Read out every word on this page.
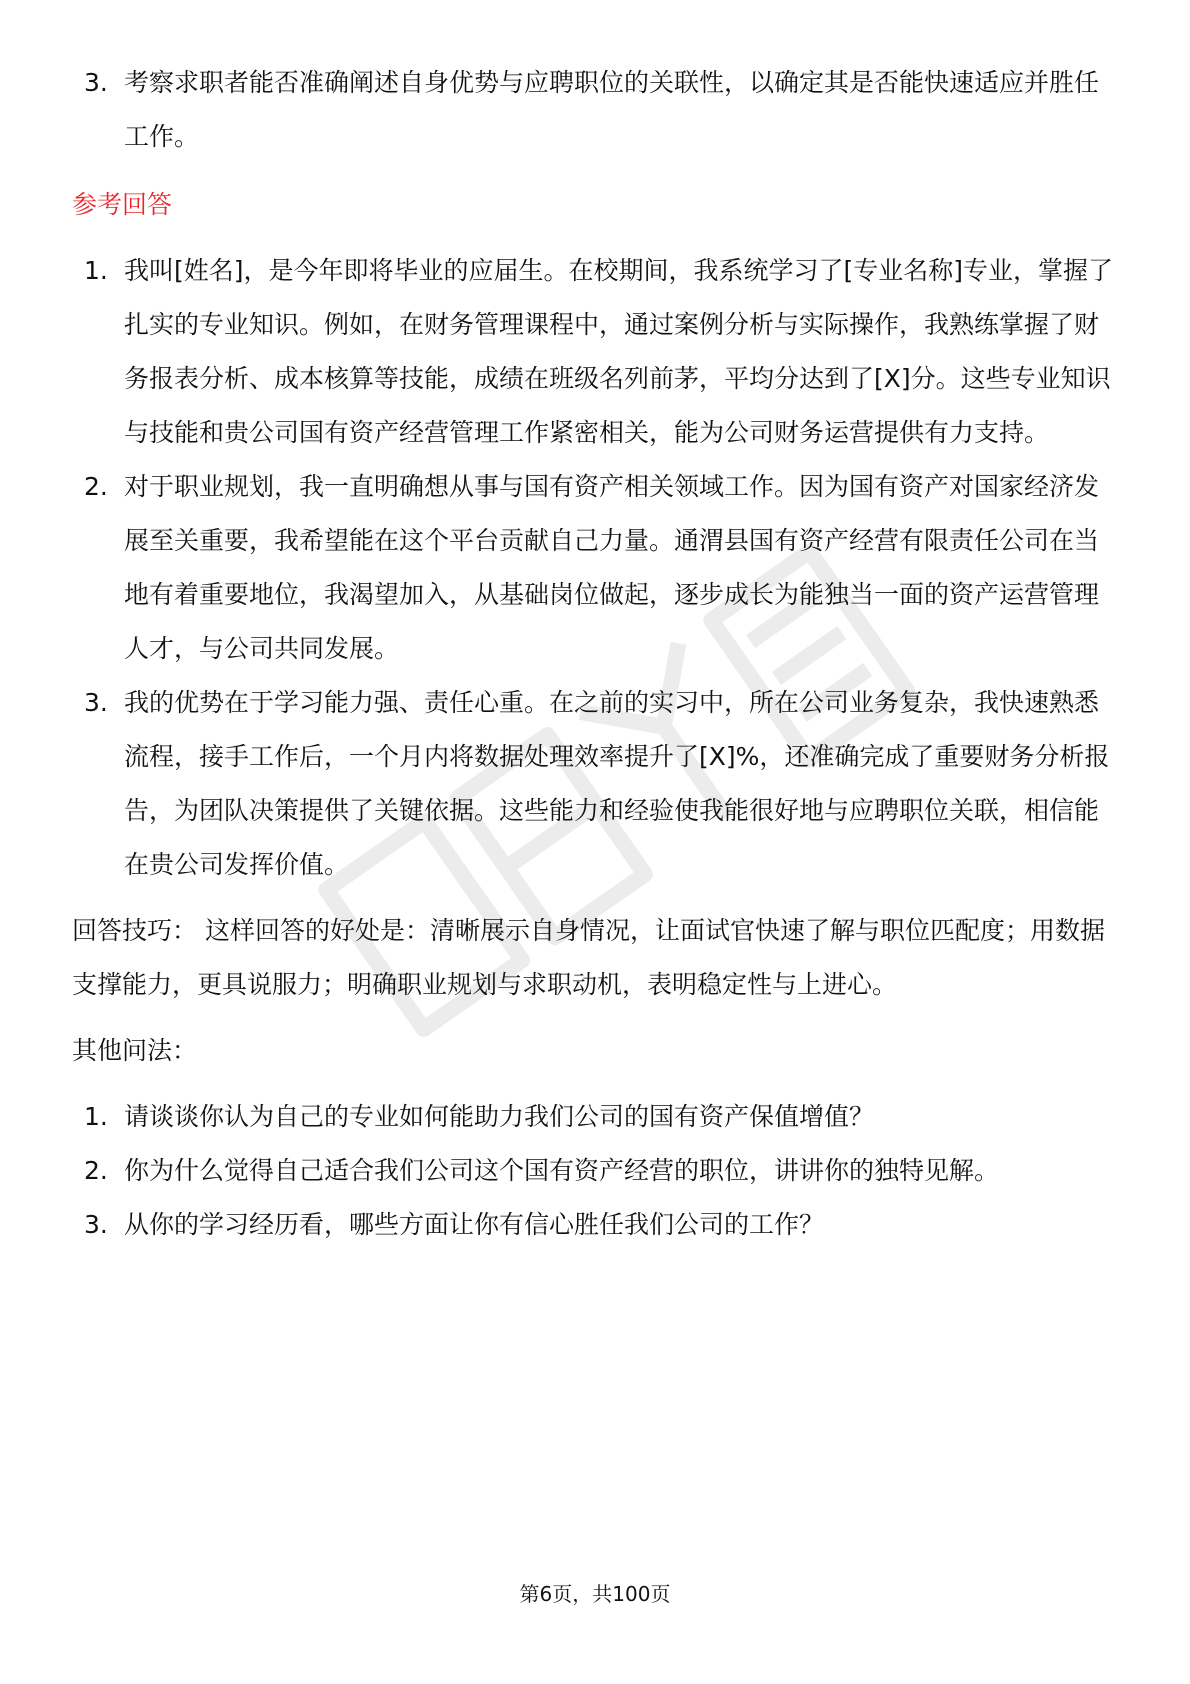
3. 考察求职者能否准确阐述自身优势与应聘职位的关联性，以确定其是否能快速适应并胜任工作。
参考回答
1. 我叫[姓名]，是今年即将毕业的应届生。在校期间，我系统学习了[专业名称]专业，掌握了扎实的专业知识。例如，在财务管理课程中，通过案例分析与实际操作，我熟练掌握了财务报表分析、成本核算等技能，成绩在班级名列前茅，平均分达到了[X]分。这些专业知识与技能和贵公司国有资产经营管理工作紧密相关，能为公司财务运营提供有力支持。
2. 对于职业规划，我一直明确想从事与国有资产相关领域工作。因为国有资产对国家经济发展至关重要，我希望能在这个平台贡献自己力量。通渭县国有资产经营有限责任公司在当地有着重要地位，我渴望加入，从基础岗位做起，逐步成长为能独当一面的资产运营管理人才，与公司共同发展。
3. 我的优势在于学习能力强、责任心重。在之前的实习中，所在公司业务复杂，我快速熟悉流程，接手工作后，一个月内将数据处理效率提升了[X]%，还准确完成了重要财务分析报告，为团队决策提供了关键依据。这些能力和经验使我能很好地与应聘职位关联，相信能在贵公司发挥价值。

回答技巧： 这样回答的好处是：清晰展示自身情况，让面试官快速了解与职位匹配度；用数据支撑能力，更具说服力；明确职业规划与求职动机，表明稳定性与上进心。

其他问法：

1. 请谈谈你认为自己的专业如何能助力我们公司的国有资产保值增值？
2. 你为什么觉得自己适合我们公司这个国有资产经营的职位，讲讲你的独特见解。
3. 从你的学习经历看，哪些方面让你有信心胜任我们公司的工作？
第6页，共100页
